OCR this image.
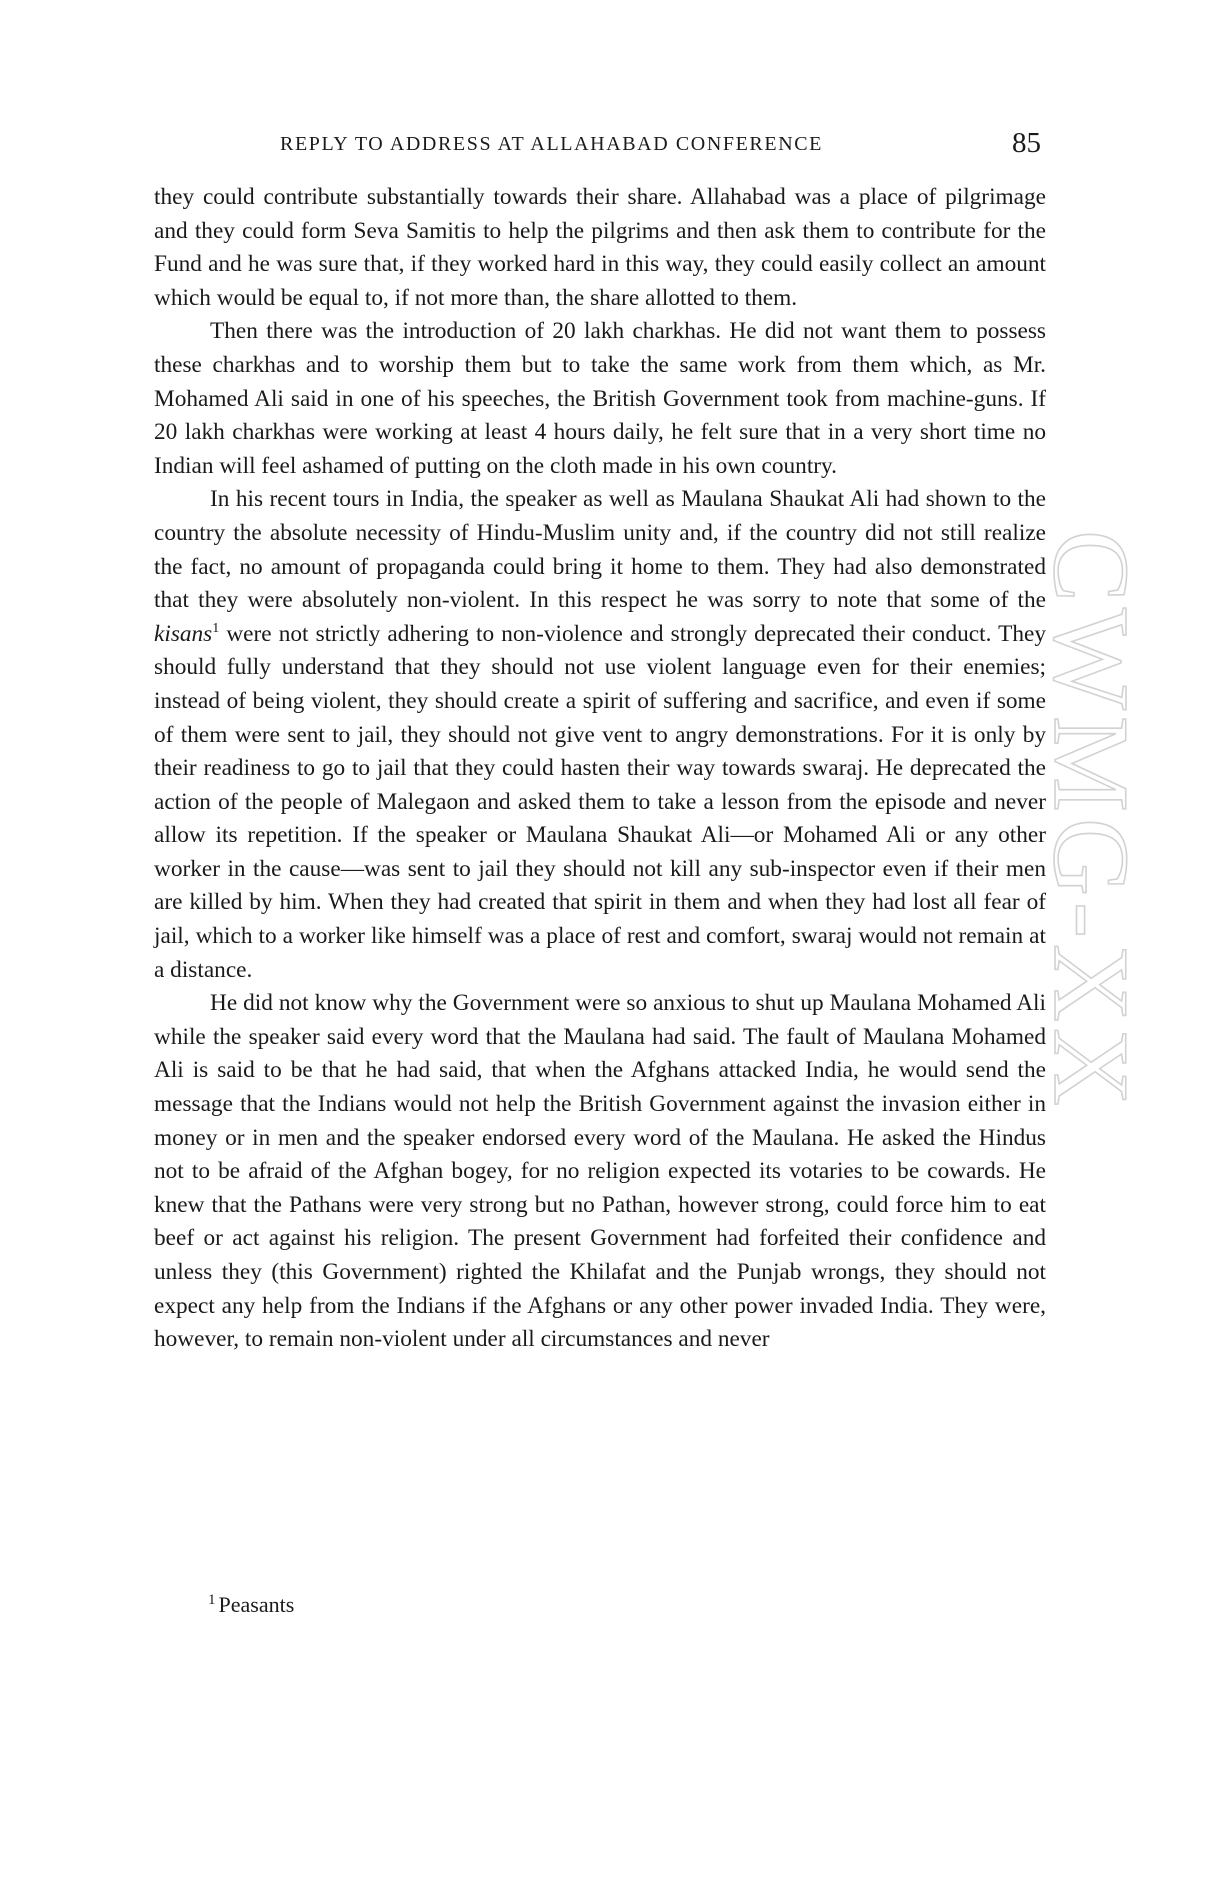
REPLY TO ADDRESS AT ALLAHABAD CONFERENCE	85
CWMG-XX

they could contribute substantially towards their share. Allahabad was a place of pilgrimage and they could form Seva Samitis to help the pilgrims and then ask them to contribute for the Fund and he was sure that, if they worked hard in this way, they could easily collect an amount which would be equal to, if not more than, the share allotted to them.

Then there was the introduction of 20 lakh charkhas. He did not want them to possess these charkhas and to worship them but to take the same work from them which, as Mr. Mohamed Ali said in one of his speeches, the British Government took from machine-guns. If 20 lakh charkhas were working at least 4 hours daily, he felt sure that in a very short time no Indian will feel ashamed of putting on the cloth made in his own country.

In his recent tours in India, the speaker as well as Maulana Shaukat Ali had shown to the country the absolute necessity of Hindu-Muslim unity and, if the country did not still realize the fact, no amount of propaganda could bring it home to them. They had also demonstrated that they were absolutely non-violent. In this respect he was sorry to note that some of the kisans$^1$ were not strictly adhering to non-violence and strongly deprecated their conduct. They should fully understand that they should not use violent language even for their enemies; instead of being violent, they should create a spirit of suffering and sacrifice, and even if some of them were sent to jail, they should not give vent to angry demonstrations. For it is only by their readiness to go to jail that they could hasten their way towards swaraj. He deprecated the action of the people of Malegaon and asked them to take a lesson from the episode and never allow its repetition. If the speaker or Maulana Shaukat Ali—or Mohamed Ali or any other worker in the cause—was sent to jail they should not kill any sub-inspector even if their men are killed by him. When they had created that spirit in them and when they had lost all fear of jail, which to a worker like himself was a place of rest and comfort, swaraj would not remain at a distance.

He did not know why the Government were so anxious to shut up Maulana Mohamed Ali while the speaker said every word that the Maulana had said. The fault of Maulana Mohamed Ali is said to be that he had said, that when the Afghans attacked India, he would send the message that the Indians would not help the British Government against the invasion either in money or in men and the speaker endorsed every word of the Maulana. He asked the Hindus not to be afraid of the Afghan bogey, for no religion expected its votaries to be cowards. He knew that the Pathans were very strong but no Pathan, however strong, could force him to eat beef or act against his religion. The present Government had forfeited their confidence and unless they (this Government) righted the Khilafat and the Punjab wrongs, they should not expect any help from the Indians if the Afghans or any other power invaded India. They were, however, to remain non-violent under all circumstances and never

$^1$ Peasants
